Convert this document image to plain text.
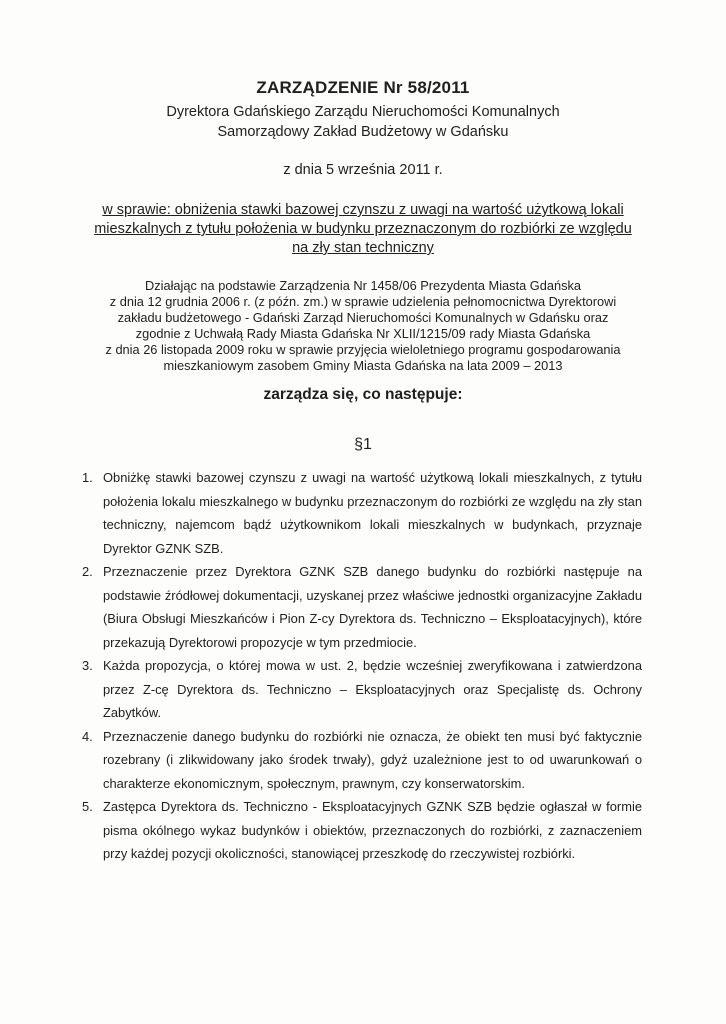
ZARZĄDZENIE Nr 58/2011
Dyrektora Gdańskiego Zarządu Nieruchomości Komunalnych
Samorządowy Zakład Budżetowy w Gdańsku
z dnia 5 września 2011 r.
w sprawie: obniżenia stawki bazowej czynszu z uwagi na wartość użytkową lokali
mieszkalnych z tytułu położenia w budynku przeznaczonym do rozbiórki ze względu
na zły stan techniczny
Działając na podstawie Zarządzenia Nr 1458/06 Prezydenta Miasta Gdańska
z dnia 12 grudnia 2006 r. (z późn. zm.) w sprawie udzielenia pełnomocnictwa Dyrektorowi
zakładu budżetowego - Gdański Zarząd Nieruchomości Komunalnych w Gdańsku oraz
zgodnie z Uchwałą Rady Miasta Gdańska Nr XLII/1215/09 rady Miasta Gdańska
z dnia 26 listopada 2009 roku w sprawie przyjęcia wieloletniego programu gospodarowania
mieszkaniowym zasobem Gminy Miasta Gdańska na lata 2009 – 2013
zarządza się, co następuje:
§1
1. Obniżkę stawki bazowej czynszu z uwagi na wartość użytkową lokali mieszkalnych, z tytułu położenia lokalu mieszkalnego w budynku przeznaczonym do rozbiórki ze względu na zły stan techniczny, najemcom bądź użytkownikom lokali mieszkalnych w budynkach, przyznaje Dyrektor GZNK SZB.
2. Przeznaczenie przez Dyrektora GZNK SZB danego budynku do rozbiórki następuje na podstawie źródłowej dokumentacji, uzyskanej przez właściwe jednostki organizacyjne Zakładu (Biura Obsługi Mieszkańców i Pion Z-cy Dyrektora ds. Techniczno – Eksploatacyjnych), które przekazują Dyrektorowi propozycje w tym przedmiocie.
3. Każda propozycja, o której mowa w ust. 2, będzie wcześniej zweryfikowana i zatwierdzona przez Z-cę Dyrektora ds. Techniczno – Eksploatacyjnych oraz Specjalistę ds. Ochrony Zabytków.
4. Przeznaczenie danego budynku do rozbiórki nie oznacza, że obiekt ten musi być faktycznie rozebrany (i zlikwidowany jako środek trwały), gdyż uzależnione jest to od uwarunkowań o charakterze ekonomicznym, społecznym, prawnym, czy konserwatorskim.
5. Zastępca Dyrektora ds. Techniczno - Eksploatacyjnych GZNK SZB będzie ogłaszał w formie pisma okólnego wykaz budynków i obiektów, przeznaczonych do rozbiórki, z zaznaczeniem przy każdej pozycji okoliczności, stanowiącej przeszkodę do rzeczywistej rozbiórki.
